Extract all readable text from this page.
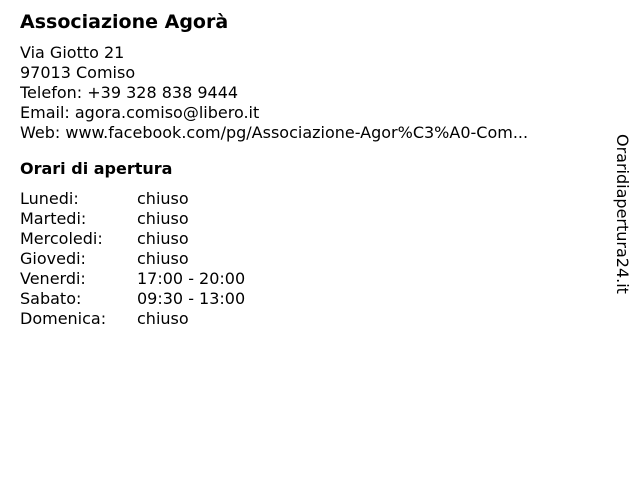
Associazione Agorà
Via Giotto 21
97013 Comiso
Telefon: +39 328 838 9444
Email: agora.comiso@libero.it
Web: www.facebook.com/pg/Associazione-Agor%C3%A0-Com...
Orari di apertura
Lunedi:	chiuso
Martedi:	chiuso
Mercoledi:	chiuso
Giovedi:	chiuso
Venerdi:	17:00 - 20:00
Sabato:	09:30 - 13:00
Domenica:	chiuso
Oraridiapertura24.it
